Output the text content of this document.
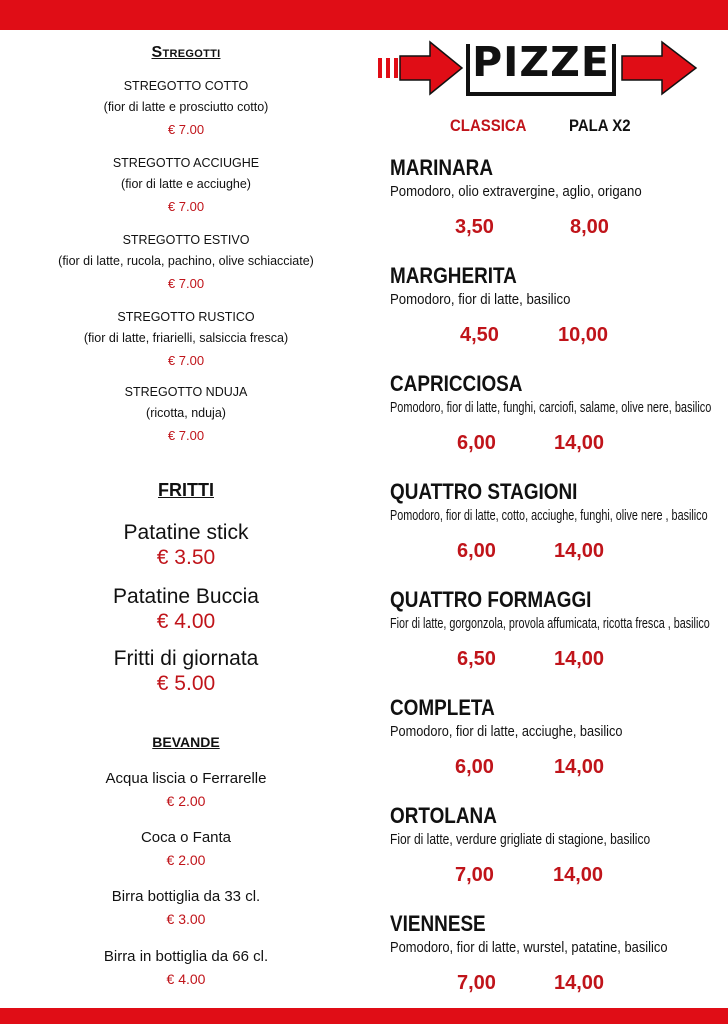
Stregotti
STREGOTTO COTTO
(fior di latte e prosciutto cotto)
€ 7.00
STREGOTTO ACCIUGHE
(fior di latte e acciughe)
€ 7.00
STREGOTTO ESTIVO
(fior di latte, rucola, pachino, olive schiacciate)
€ 7.00
STREGOTTO RUSTICO
(fior di latte, friarielli, salsiccia fresca)
€ 7.00
STREGOTTO NDUJA
(ricotta, nduja)
€ 7.00
FRITTI
Patatine stick
€ 3.50
Patatine Buccia
€ 4.00
Fritti di giornata
€ 5.00
BEVANDE
Acqua liscia o Ferrarelle
€ 2.00
Coca o Fanta
€ 2.00
Birra bottiglia da 33 cl.
€ 3.00
Birra in bottiglia da 66 cl.
€ 4.00
PIZZE
CLASSICA	PALA X2
MARINARA
Pomodoro, olio extravergine, aglio, origano
3,50	8,00
MARGHERITA
Pomodoro, fior di latte, basilico
4,50	10,00
CAPRICCIOSA
Pomodoro, fior di latte, funghi, carciofi, salame, olive nere, basilico
6,00	14,00
QUATTRO STAGIONI
Pomodoro, fior di latte, cotto, acciughe, funghi, olive nere , basilico
6,00	14,00
QUATTRO FORMAGGI
Fior di latte, gorgonzola, provola affumicata, ricotta fresca , basilico
6,50	14,00
COMPLETA
Pomodoro, fior di latte, acciughe, basilico
6,00	14,00
ORTOLANA
Fior di latte, verdure grigliate di stagione, basilico
7,00	14,00
VIENNESE
Pomodoro, fior di latte, wurstel, patatine, basilico
7,00	14,00
